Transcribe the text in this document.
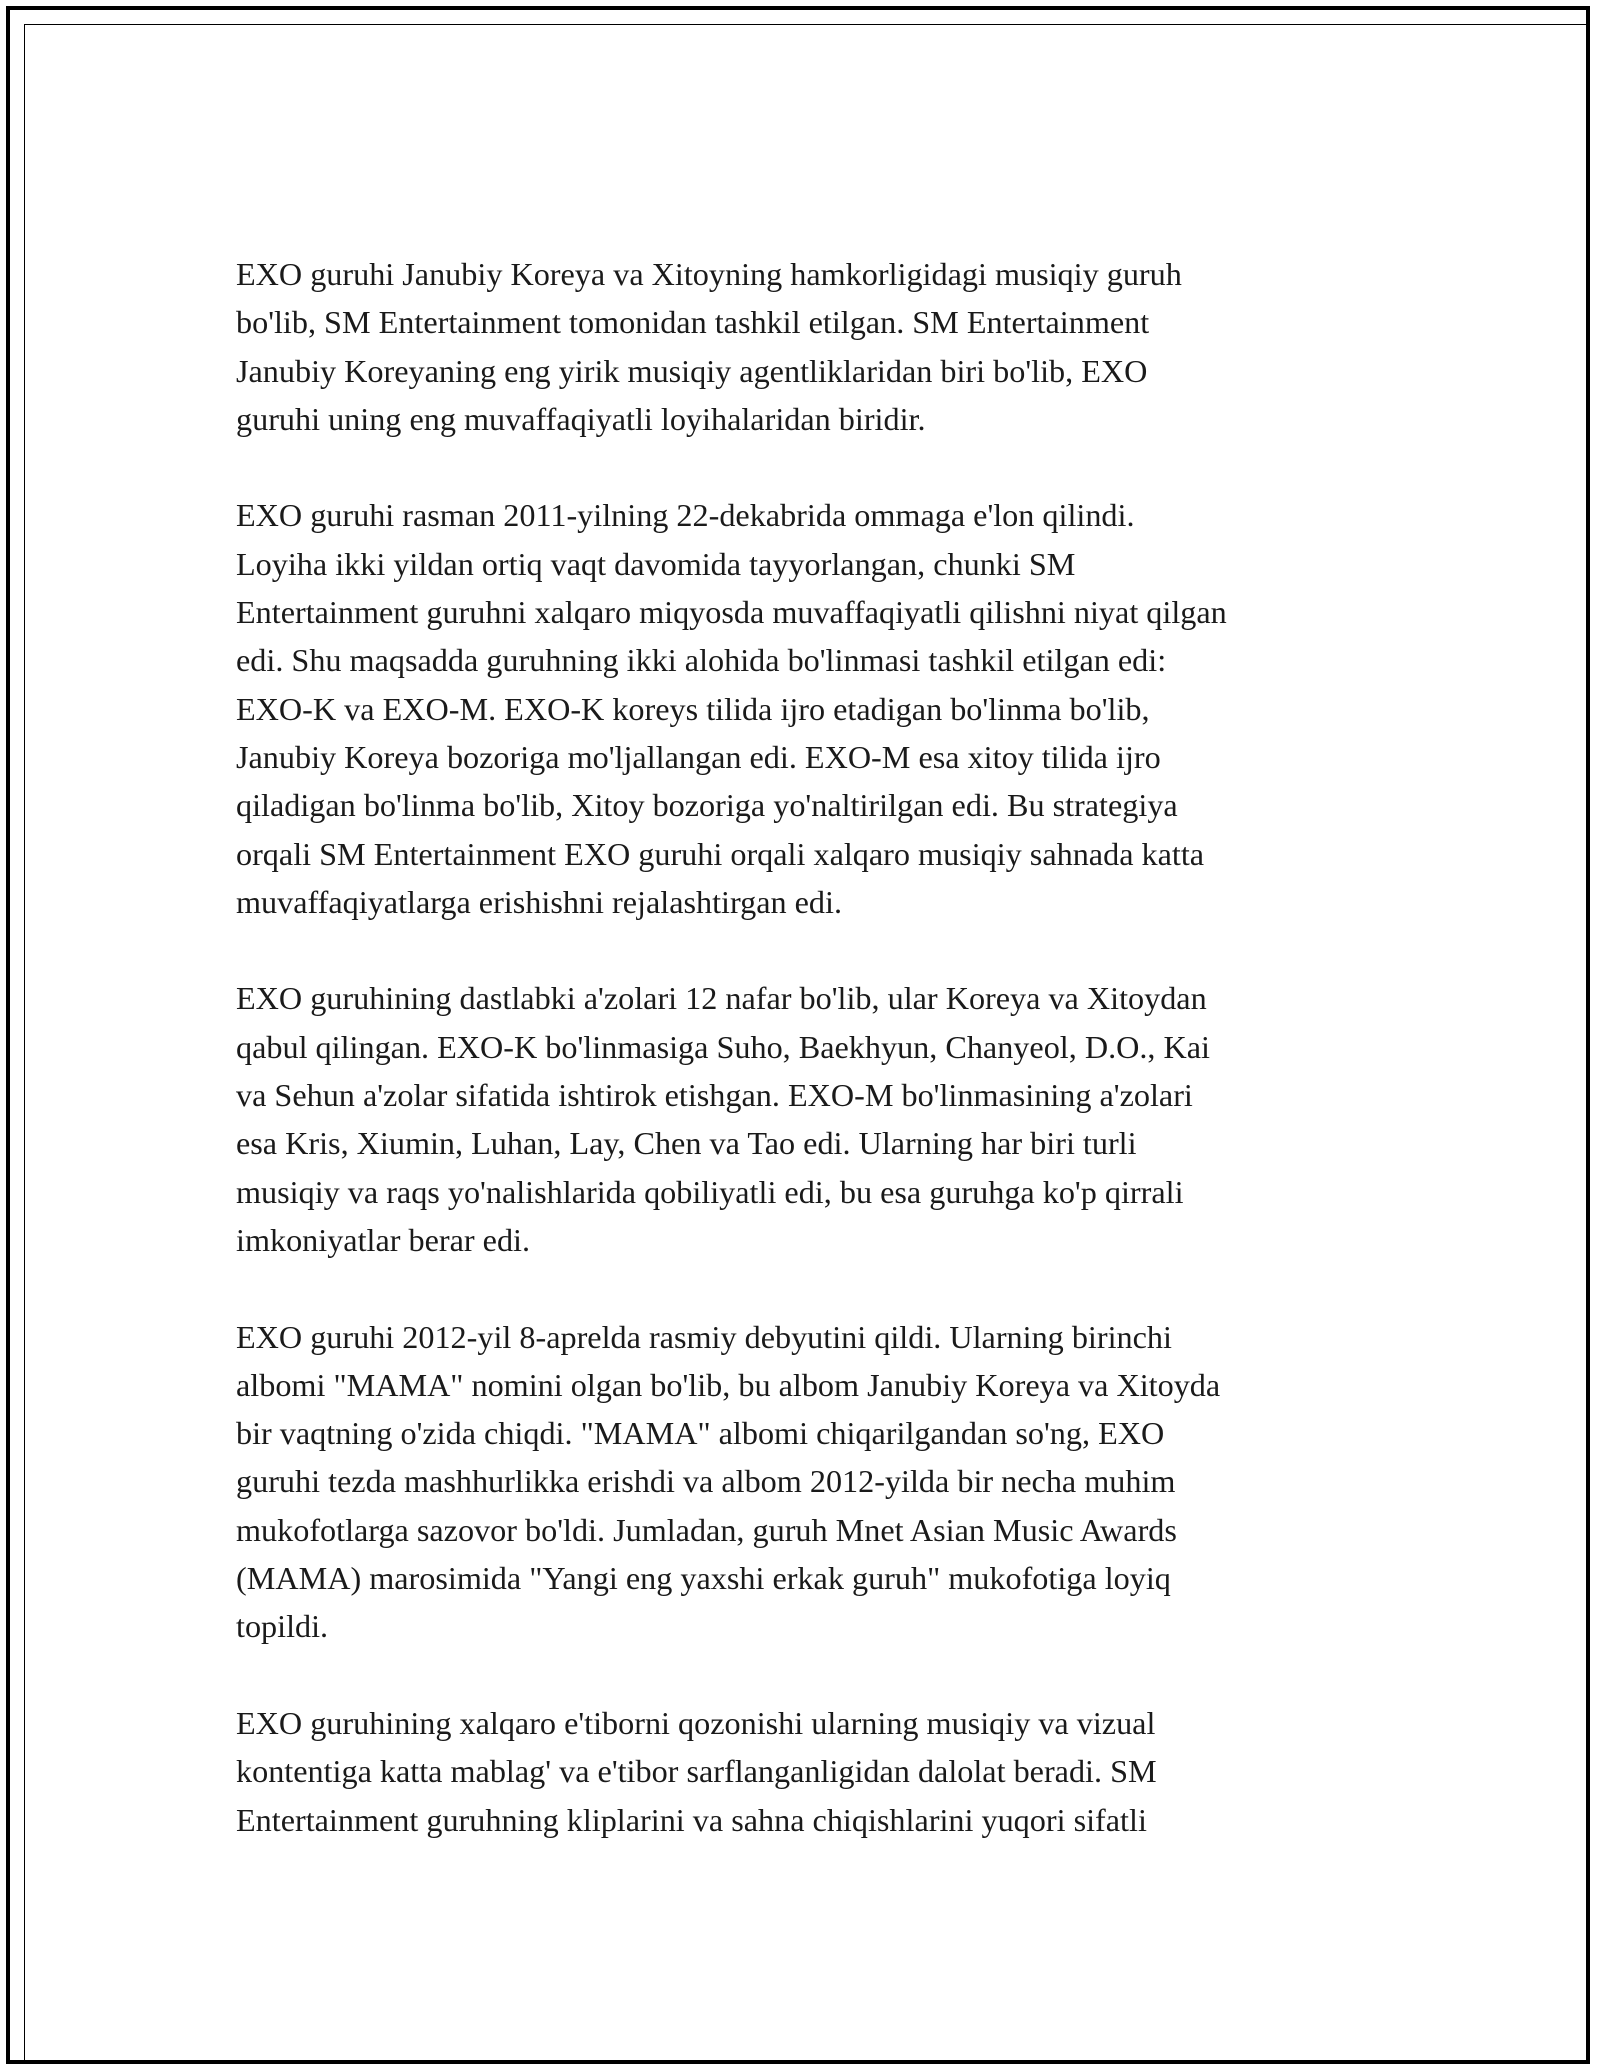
EXO guruhi Janubiy Koreya va Xitoyning hamkorligidagi musiqiy guruh
bo'lib, SM Entertainment tomonidan tashkil etilgan. SM Entertainment
Janubiy Koreyaning eng yirik musiqiy agentliklaridan biri bo'lib, EXO
guruhi uning eng muvaffaqiyatli loyihalaridan biridir.

EXO guruhi rasman 2011-yilning 22-dekabrida ommaga e'lon qilindi.
Loyiha ikki yildan ortiq vaqt davomida tayyorlangan, chunki SM
Entertainment guruhni xalqaro miqyosda muvaffaqiyatli qilishni niyat qilgan
edi. Shu maqsadda guruhning ikki alohida bo'linmasi tashkil etilgan edi:
EXO-K va EXO-M. EXO-K koreys tilida ijro etadigan bo'linma bo'lib,
Janubiy Koreya bozoriga mo'ljallangan edi. EXO-M esa xitoy tilida ijro
qiladigan bo'linma bo'lib, Xitoy bozoriga yo'naltirilgan edi. Bu strategiya
orqali SM Entertainment EXO guruhi orqali xalqaro musiqiy sahnada katta
muvaffaqiyatlarga erishishni rejalashtirgan edi.

EXO guruhining dastlabki a'zolari 12 nafar bo'lib, ular Koreya va Xitoydan
qabul qilingan. EXO-K bo'linmasiga Suho, Baekhyun, Chanyeol, D.O., Kai
va Sehun a'zolar sifatida ishtirok etishgan. EXO-M bo'linmasining a'zolari
esa Kris, Xiumin, Luhan, Lay, Chen va Tao edi. Ularning har biri turli
musiqiy va raqs yo'nalishlarida qobiliyatli edi, bu esa guruhga ko'p qirrali
imkoniyatlar berar edi.

EXO guruhi 2012-yil 8-aprelda rasmiy debyutini qildi. Ularning birinchi
albomi "MAMA" nomini olgan bo'lib, bu albom Janubiy Koreya va Xitoyda
bir vaqtning o'zida chiqdi. "MAMA" albomi chiqarilgandan so'ng, EXO
guruhi tezda mashhurlikka erishdi va albom 2012-yilda bir necha muhim
mukofotlarga sazovor bo'ldi. Jumladan, guruh Mnet Asian Music Awards
(MAMA) marosimida "Yangi eng yaxshi erkak guruh" mukofotiga loyiq
topildi.

EXO guruhining xalqaro e'tiborni qozonishi ularning musiqiy va vizual
kontentiga katta mablag' va e'tibor sarflanganligidan dalolat beradi. SM
Entertainment guruhning kliplarini va sahna chiqishlarini yuqori sifatli
